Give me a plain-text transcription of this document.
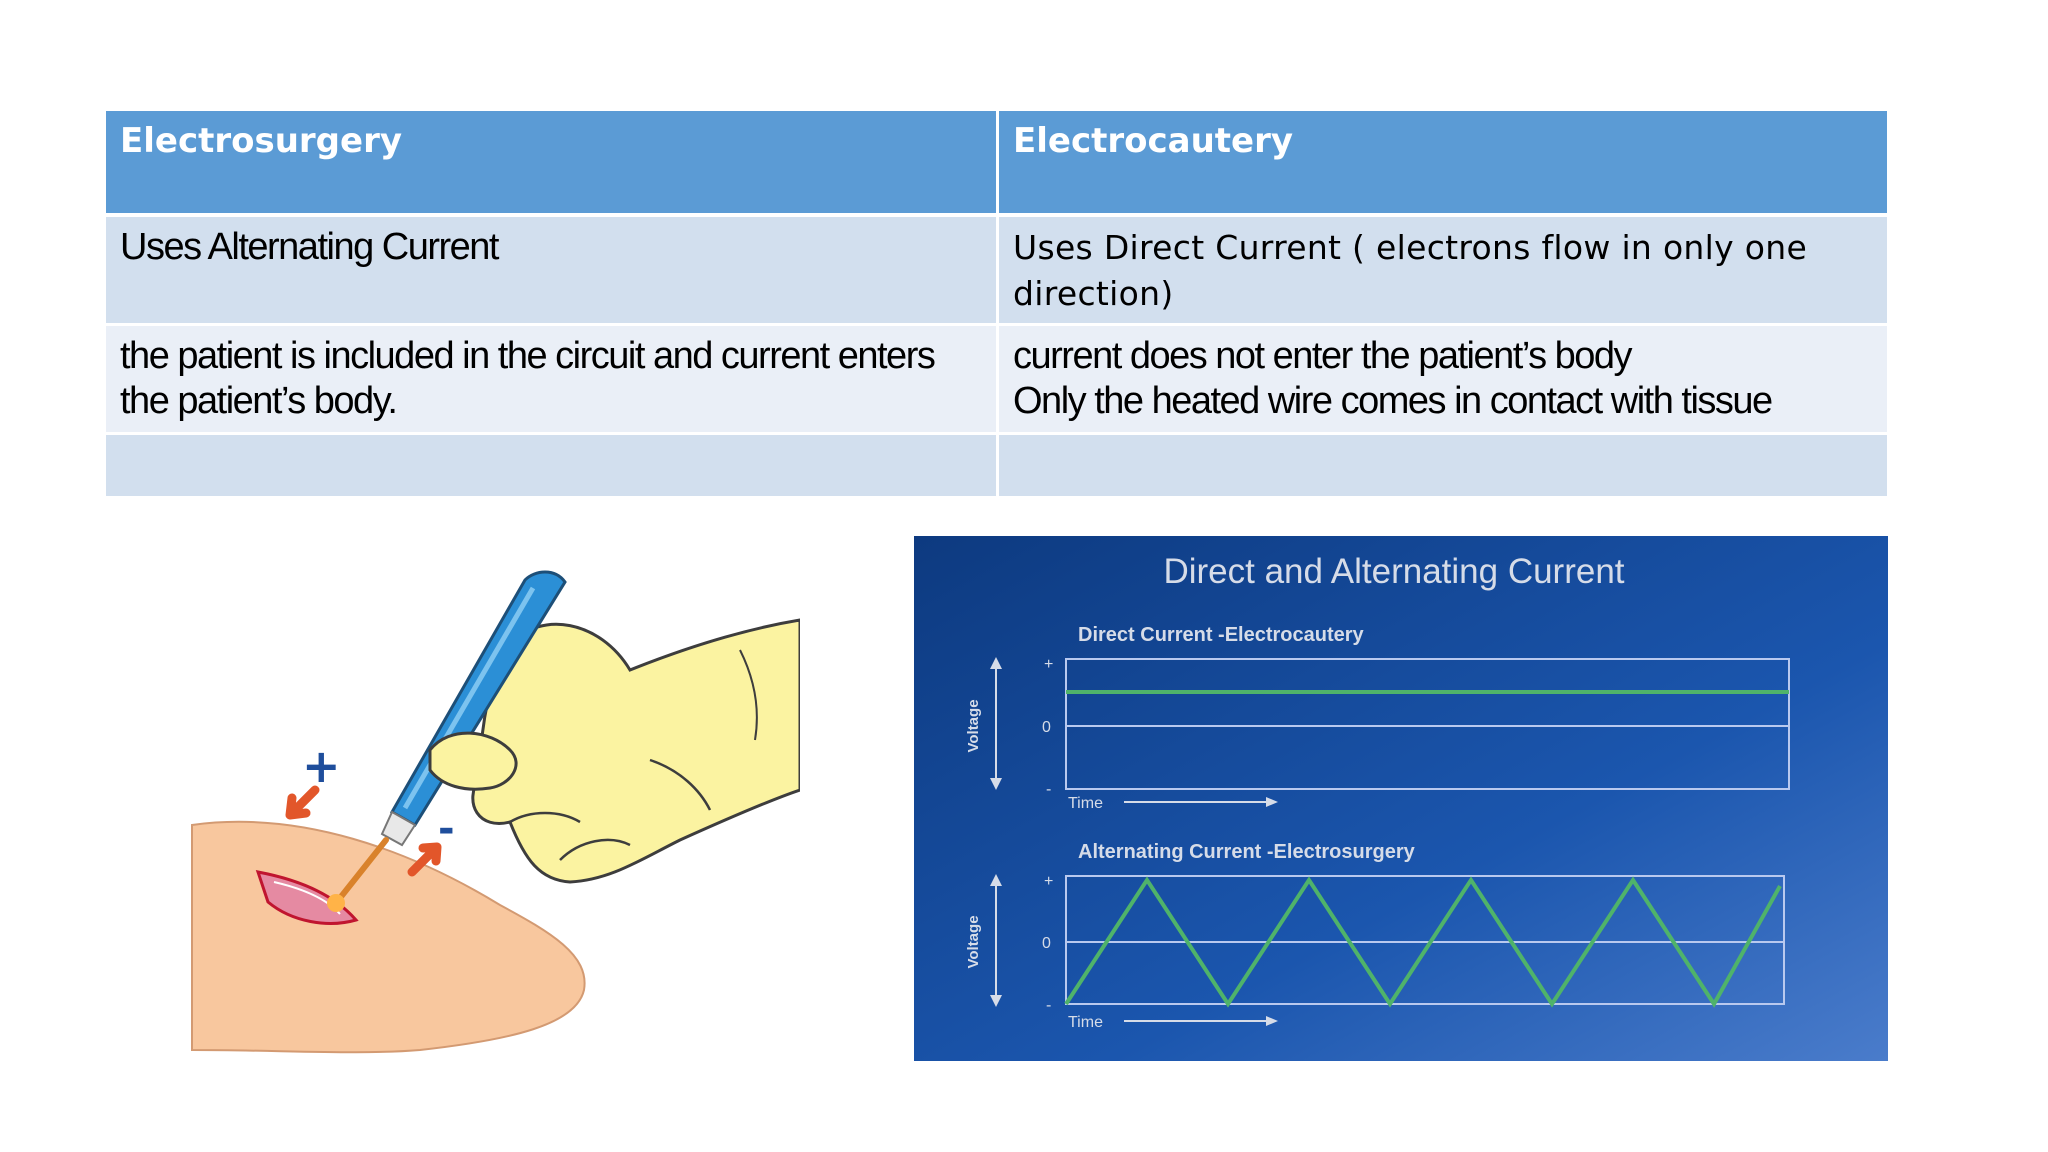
Electrosurgery	Electrocautery

Uses Alternating Current	Uses Direct Current ( electrons flow in only one
direction)

the patient is included in the circuit and current enters
the patient’s body.	current does not enter the patient’s body
Only the heated wire comes in contact with tissue

+
-
Direct and Alternating Current
Direct Current -Electrocautery
Voltage
+
0
-
Time
Alternating Current -Electrosurgery
Voltage
+
0
-
Time
